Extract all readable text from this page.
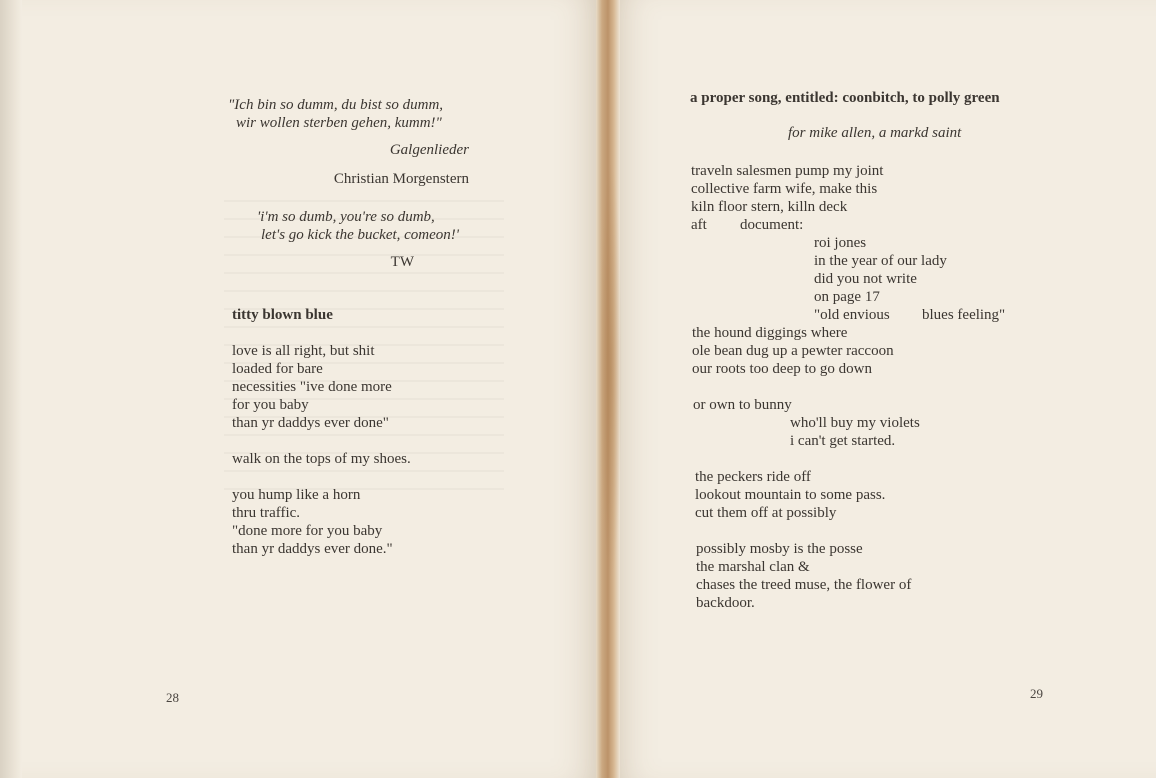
"Ich bin so dumm, du bist so dumm,
wir wollen sterben gehen, kumm!"
Galgenlieder
Christian Morgenstern
'i'm so dumb, you're so dumb,
let's go kick the bucket, comeon!'
TW
titty blown blue
love is all right, but shit
loaded for bare
necessities "ive done more
for you baby
than yr daddys ever done"
walk on the tops of my shoes.
you hump like a horn
thru traffic.
"done more for you baby
than yr daddys ever done."
28
a proper song, entitled: coonbitch, to polly green
for mike allen, a markd saint
traveln salesmen pump my joint
collective farm wife, make this
kiln floor stern, killn deck
aft document:
roi jones
in the year of our lady
did you not write
on page 17
"old envious blues feeling"
the hound diggings where
ole bean dug up a pewter raccoon
our roots too deep to go down
or own to bunny
who'll buy my violets
i can't get started.
the peckers ride off
lookout mountain to some pass.
cut them off at possibly
possibly mosby is the posse
the marshal clan &
chases the treed muse, the flower of
backdoor.
29
